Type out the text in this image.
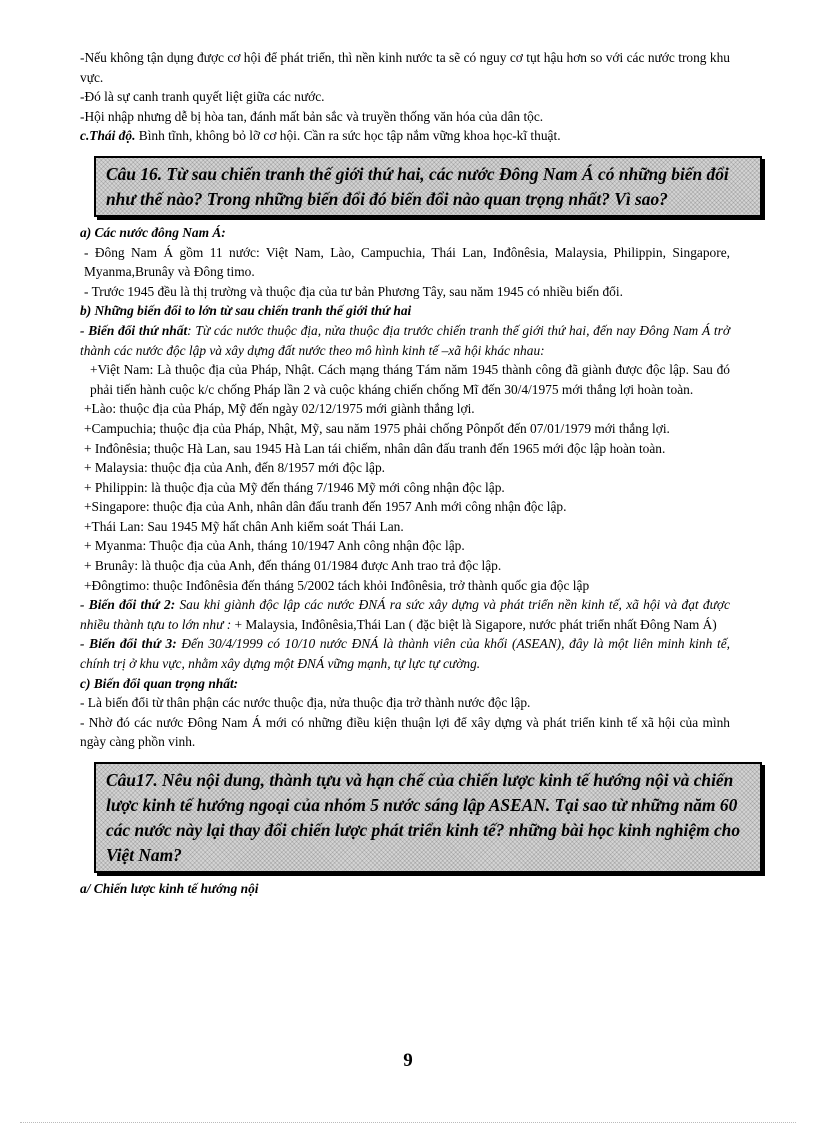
-Nếu không tận dụng được cơ hội để phát triển, thì nền kinh nước ta sẽ có nguy cơ tụt hậu hơn so với các nước trong khu vực.

-Đó là sự canh tranh quyết liệt giữa các nước.

-Hội nhập nhưng dễ bị hòa tan, đánh mất bản sắc và truyền thống văn hóa của dân tộc.

c.Thái độ. Bình tĩnh, không bỏ lỡ cơ hội. Cần ra sức học tập nắm vững khoa học-kĩ thuật.

Câu 16. Từ sau chiến tranh thế giới thứ hai, các nước Đông Nam Á có những biến đổi như thế nào? Trong những biến đổi đó biến đổi nào quan trọng nhất? Vì sao?

a) Các nước đông Nam Á:

- Đông Nam Á gồm 11 nước: Việt Nam, Lào, Campuchia, Thái Lan, Inđônêsia, Malaysia, Philippin, Singapore, Myanma,Brunây và Đông timo.

- Trước 1945 đều là thị trường và thuộc địa của tư bản Phương Tây, sau năm 1945 có nhiều biến đổi.

b) Những biến đổi to lớn từ sau chiến tranh thế giới thứ hai

- Biến đổi thứ nhất: Từ các nước thuộc địa, nửa thuộc địa trước chiến tranh thế giới thứ hai, đến nay Đông Nam Á trở thành các nước độc lập và xây dựng đất nước theo mô hình kinh tế –xã hội khác nhau:

+Việt Nam: Là thuộc địa của Pháp, Nhật. Cách mạng tháng Tám năm 1945 thành công đã giành được độc lập. Sau đó phải tiến hành cuộc k/c chống Pháp lần 2 và cuộc kháng chiến chống Mĩ đến 30/4/1975 mới thắng lợi hoàn toàn.

+Lào: thuộc địa của Pháp, Mỹ đến ngày 02/12/1975 mới giành thắng lợi.

+Campuchia; thuộc địa của Pháp, Nhật, Mỹ, sau năm 1975 phải chống Pônpốt đến 07/01/1979 mới thắng lợi.

+ Inđônêsia; thuộc Hà Lan, sau 1945 Hà Lan tái chiếm, nhân dân đấu tranh đến 1965 mới độc lập hoàn toàn.

+ Malaysia: thuộc địa của Anh, đến 8/1957 mới độc lập.

+ Philippin: là thuộc địa của Mỹ đến tháng 7/1946 Mỹ mới công nhận độc lập.

+Singapore: thuộc địa của Anh, nhân dân đấu tranh đến 1957 Anh mới công nhận độc lập.

+Thái Lan: Sau 1945 Mỹ hất chân Anh kiểm soát Thái Lan.

+ Myanma: Thuộc địa của Anh, tháng 10/1947 Anh công nhận độc lập.

+ Brunây: là thuộc địa của Anh, đến tháng 01/1984 được Anh trao trả độc lập.

+Đôngtimo: thuộc Inđônêsia đến tháng 5/2002 tách khỏi Inđônêsia, trở thành quốc gia độc lập

- Biến đổi thứ 2: Sau khi giành độc lập các nước ĐNÁ ra sức xây dựng và phát triển nền kinh tế, xã hội và đạt được nhiều thành tựu to lớn như : + Malaysia, Inđônêsia,Thái Lan ( đặc biệt là Sigapore, nước phát triển nhất Đông Nam Á)

- Biến đổi thứ 3: Đến 30/4/1999 có 10/10 nước ĐNÁ là thành viên của khối (ASEAN), đây là một liên minh kinh tế, chính trị ở khu vực, nhằm xây dựng một ĐNÁ vững mạnh, tự lực tự cường.

c) Biến đổi quan trọng nhất:

- Là biến đổi từ thân phận các nước thuộc địa, nửa thuộc địa trở thành nước độc lập.

- Nhờ đó các nước Đông Nam Á mới có những điều kiện thuận lợi để xây dựng và phát triển kinh tế xã hội của mình ngày càng phồn vinh.

Câu17. Nêu nội dung, thành tựu và hạn chế của chiến lược kinh tế hướng nội và chiến lược kinh tế hướng ngoại của nhóm 5 nước sáng lập ASEAN. Tại sao từ những năm 60 các nước này lại thay đổi chiến lược phát triển kinh tế? những bài học kinh nghiệm cho Việt Nam?

a/ Chiến lược kinh tế hướng nội

9
